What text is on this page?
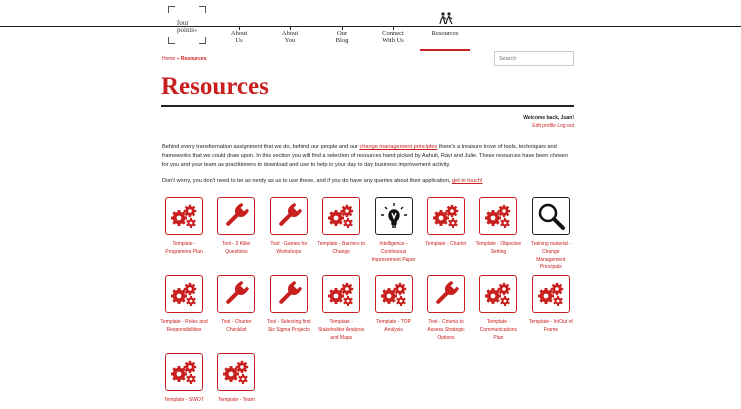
four
points®	About
Us
About
You
Our
Blog
Connect
With Us
Resources
Home » Resources
Search
Resources
Welcome back, Juan!
Edit profile Log out

Behind every transformation assignment that we do, behind our people and our change management principles there's a treasure trove of tools, techniques and frameworks that we could draw upon. In this section you will find a selection of resources hand picked by Aahuti, Ravi and Julie. These resources have been chosen for you and your team as practitioners to download and use to help in your day to day business improvement activity.

Don't worry, you don't need to be as nerdy as us to use these, and if you do have any queries about their application, get in touch!

Template - Programme Plan
Tool - 3 Killer Questions
Tool - Games for Workshops
Template - Barriers to Change
Intelligence - Continuous Improvement Paper
Template - Charter	Template - Objective Setting
Training material - Change Management Principals
Template - Roles and Responsibilities
Tool - Charter Checklist
Tool - Selecting first Six Sigma Projects
Template - Stakeholder Analysis and Maps
Template - TOP Analysis
Tool - Criteria to Assess Strategic Options
Template - Communications Plan
Template - In/Out of Frame
Template - SWOT	Template - Team
